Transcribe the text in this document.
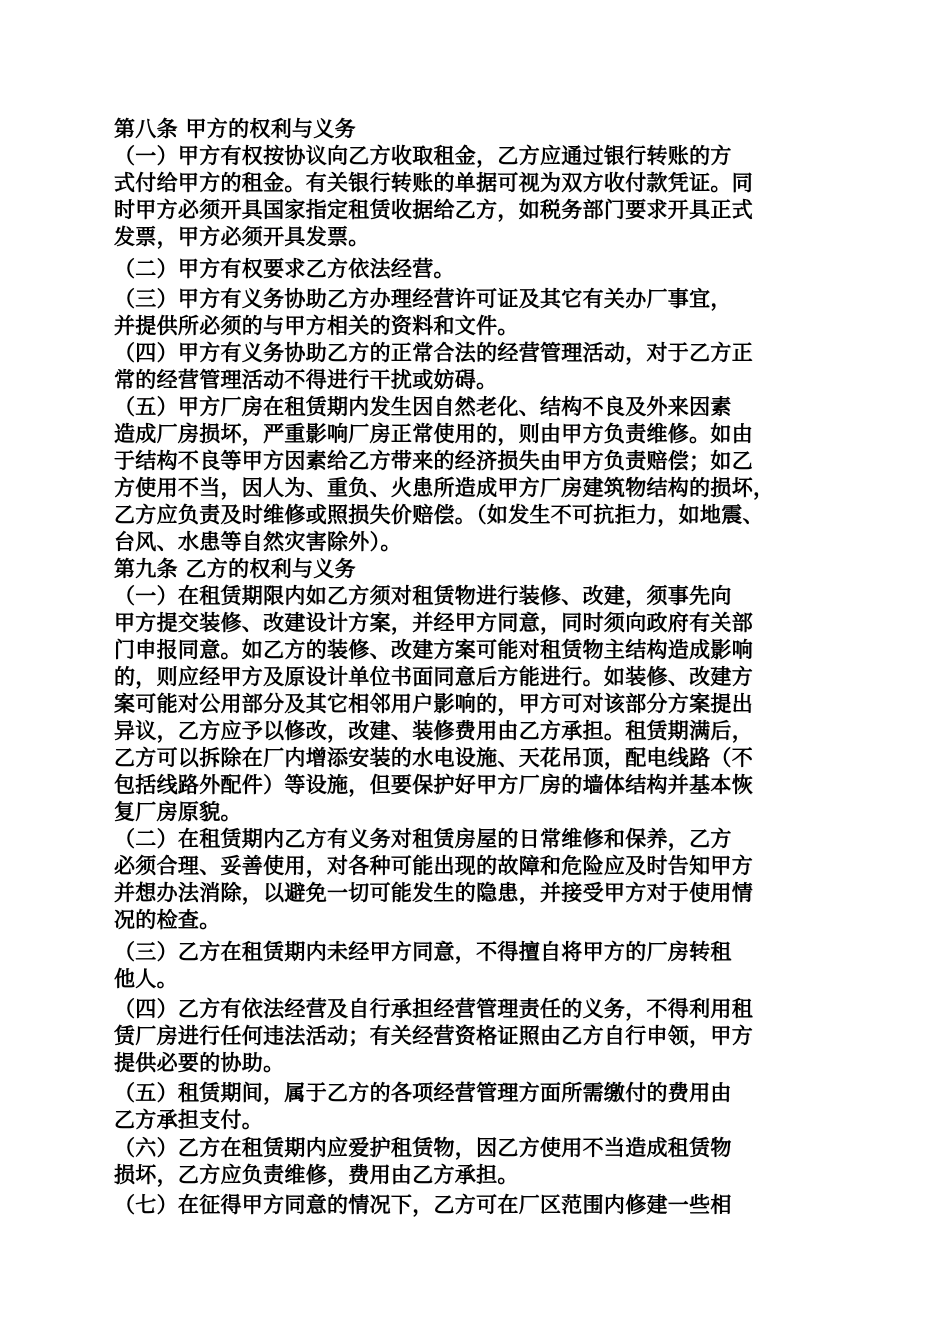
第八条 甲方的权利与义务
（一）甲方有权按协议向乙方收取租金，乙方应通过银行转账的方
式付给甲方的租金。有关银行转账的单据可视为双方收付款凭证。同
时甲方必须开具国家指定租赁收据给乙方，如税务部门要求开具正式
发票，甲方必须开具发票。
（二）甲方有权要求乙方依法经营。
（三）甲方有义务协助乙方办理经营许可证及其它有关办厂事宜，
并提供所必须的与甲方相关的资料和文件。
（四）甲方有义务协助乙方的正常合法的经营管理活动，对于乙方正
常的经营管理活动不得进行干扰或妨碍。
（五）甲方厂房在租赁期内发生因自然老化、结构不良及外来因素
造成厂房损坏，严重影响厂房正常使用的，则由甲方负责维修。如由
于结构不良等甲方因素给乙方带来的经济损失由甲方负责赔偿；如乙
方使用不当，因人为、重负、火患所造成甲方厂房建筑物结构的损坏，
乙方应负责及时维修或照损失价赔偿。（如发生不可抗拒力，如地震、
台风、水患等自然灾害除外）。
第九条 乙方的权利与义务
（一）在租赁期限内如乙方须对租赁物进行装修、改建，须事先向
甲方提交装修、改建设计方案，并经甲方同意，同时须向政府有关部
门申报同意。如乙方的装修、改建方案可能对租赁物主结构造成影响
的，则应经甲方及原设计单位书面同意后方能进行。如装修、改建方
案可能对公用部分及其它相邻用户影响的，甲方可对该部分方案提出
异议，乙方应予以修改，改建、装修费用由乙方承担。租赁期满后，
乙方可以拆除在厂内增添安装的水电设施、天花吊顶，配电线路（不
包括线路外配件）等设施，但要保护好甲方厂房的墙体结构并基本恢
复厂房原貌。
（二）在租赁期内乙方有义务对租赁房屋的日常维修和保养，乙方
必须合理、妥善使用，对各种可能出现的故障和危险应及时告知甲方
并想办法消除，以避免一切可能发生的隐患，并接受甲方对于使用情
况的检查。
（三）乙方在租赁期内未经甲方同意，不得擅自将甲方的厂房转租
他人。
（四）乙方有依法经营及自行承担经营管理责任的义务，不得利用租
赁厂房进行任何违法活动；有关经营资格证照由乙方自行申领，甲方
提供必要的协助。
（五）租赁期间，属于乙方的各项经营管理方面所需缴付的费用由
乙方承担支付。
（六）乙方在租赁期内应爱护租赁物，因乙方使用不当造成租赁物
损坏，乙方应负责维修，费用由乙方承担。
（七）在征得甲方同意的情况下，乙方可在厂区范围内修建一些相
